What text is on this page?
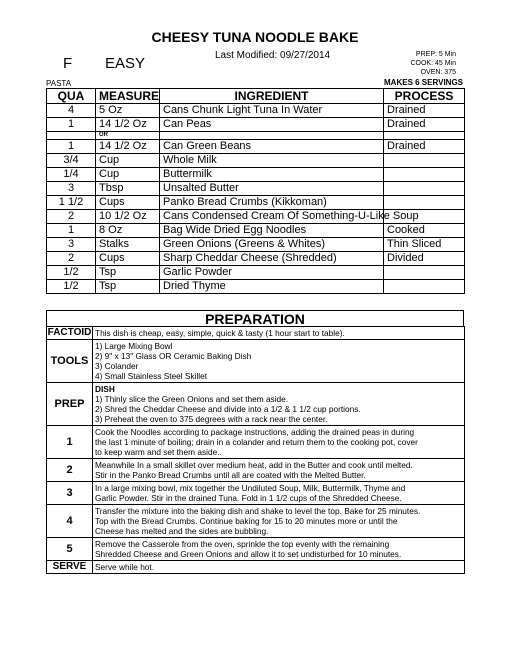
CHEESY TUNA NOODLE BAKE
F EASY	Last Modified: 09/27/2014	PREP: 5 Min
COOK: 45 Min
OVEN: 375
PASTA	MAKES 6 SERVINGS
QUA	MEASURE	INGREDIENT	PROCESS
4	5 Oz	Cans Chunk Light Tuna In Water	Drained
1	14 1/2 Oz	Can Peas	Drained
	OR		
1	14 1/2 Oz	Can Green Beans	Drained
3/4	Cup	Whole Milk	
1/4	Cup	Buttermilk	
3	Tbsp	Unsalted Butter	
1 1/2	Cups	Panko Bread Crumbs (Kikkoman)	
2	10 1/2 Oz	Cans Condensed Cream Of Something-U-Like Soup	
1	8 Oz	Bag Wide Dried Egg Noodles	Cooked
3	Stalks	Green Onions (Greens & Whites)	Thin Sliced
2	Cups	Sharp Cheddar Cheese (Shredded)	Divided
1/2	Tsp	Garlic Powder	
1/2	Tsp	Dried Thyme	
PREPARATION
FACTOID	This dish is cheap, easy, simple, quick & tasty (1 hour start to table).

TOOLS	1) Large Mixing Bowl
2) 9" x 13" Glass OR Ceramic Baking Dish
3) Colander
4) Small Stainless Steel Skillet

PREP	DISH
1) Thinly slice the Green Onions and set them aside.
2) Shred the Cheddar Cheese and divide into a 1/2 & 1 1/2 cup portions.
3) Preheat the oven to 375 degrees with a rack near the center.

1	Cook the Noodles according to package instructions, adding the drained peas in during
the last 1 minute of boiling; drain in a colander and return them to the cooking pot, cover
to keep warm and set them aside..

2	Meanwhile In a small skillet over medium heat, add in the Butter and cook until melted.
Stir in the Panko Bread Crumbs until all are coated with the Melted Butter.

3	In a large mixing bowl, mix together the Undiluted Soup, Milk, Buttermilk, Thyme and
Garlic Powder. Stir in the drained Tuna. Fold in 1 1/2 cups of the Shredded Cheese.

4	Transfer the mixture into the baking dish and shake to level the top. Bake for 25 minutes.
Top with the Bread Crumbs. Continue baking for 15 to 20 minutes more or until the
Cheese has melted and the sides are bubbling.

5	Remove the Casserole from the oven, sprinkle the top evenly with the remaining
Shredded Cheese and Green Onions and allow it to set undisturbed for 10 minutes.

SERVE	Serve while hot.
